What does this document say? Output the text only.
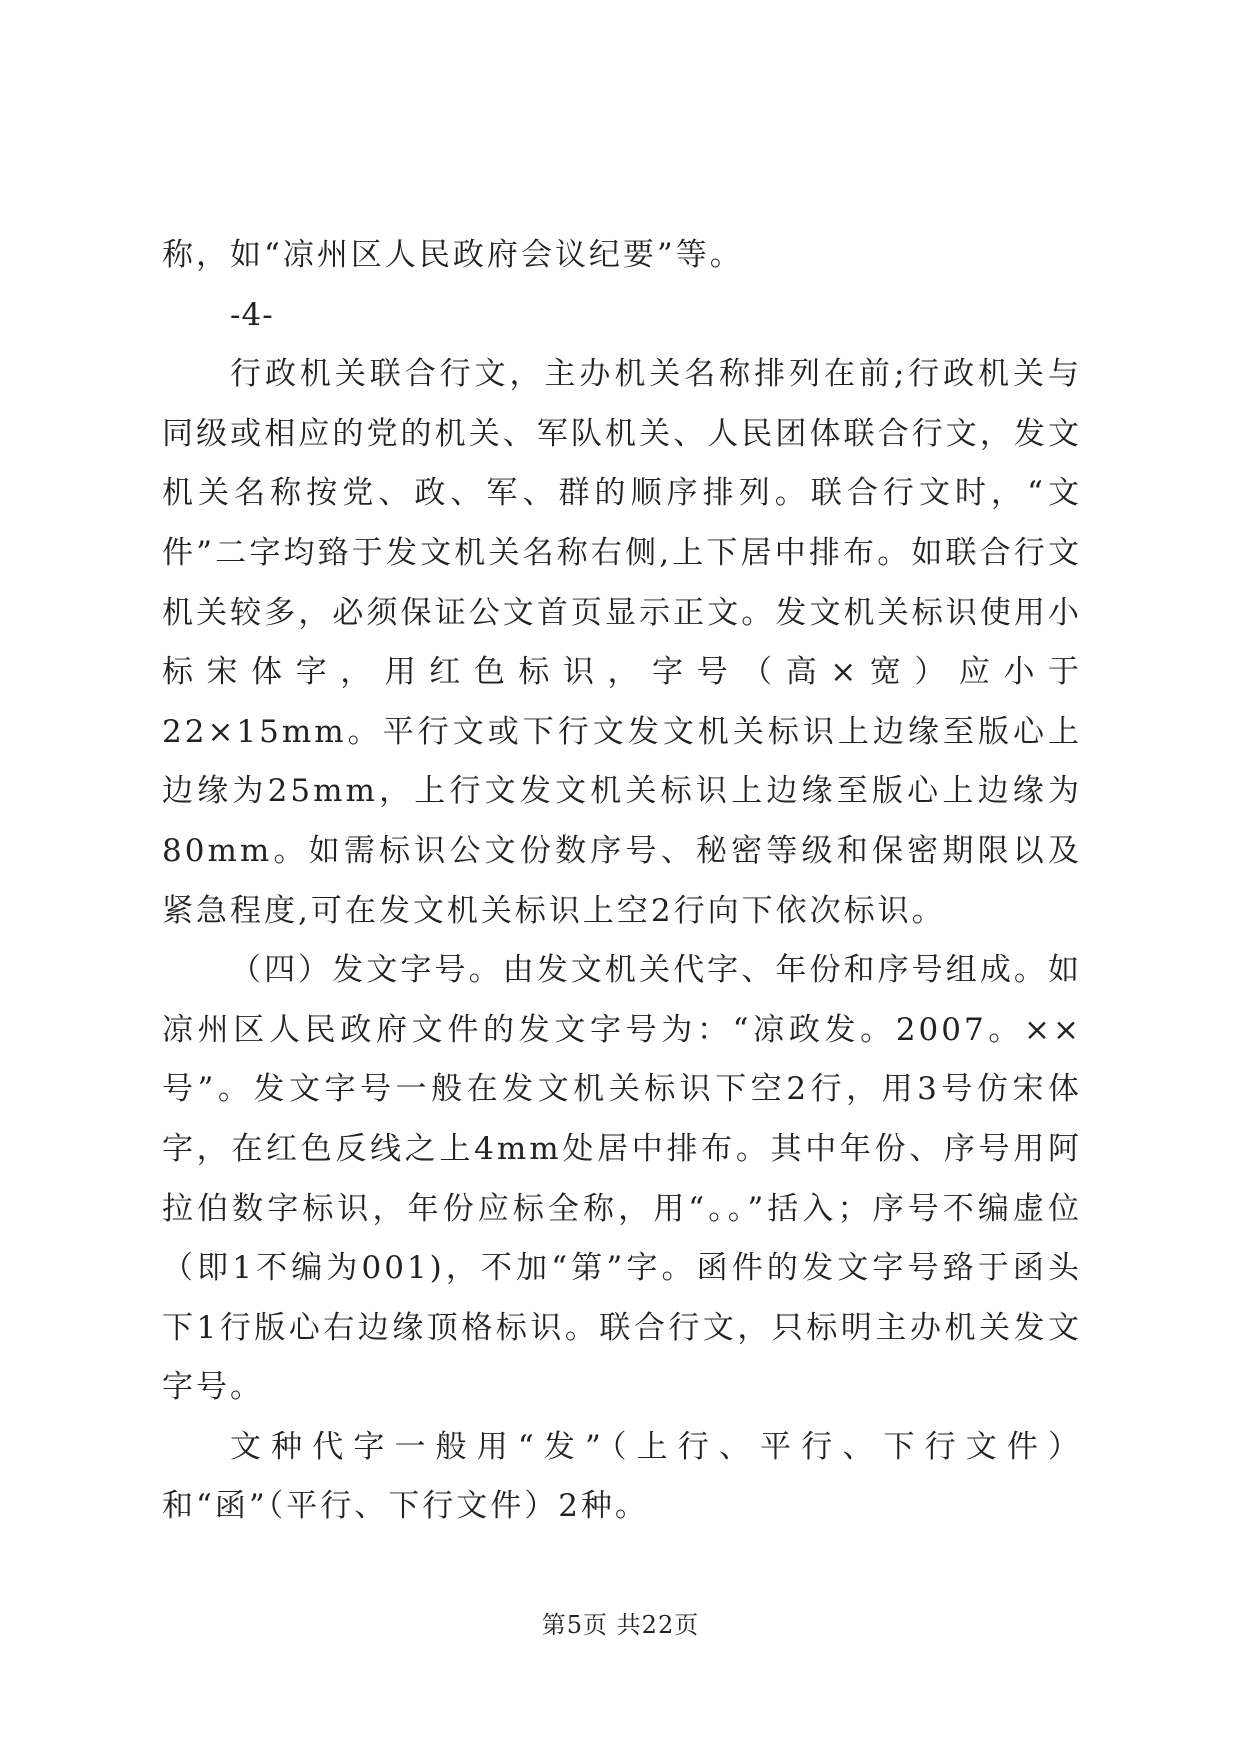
称，如“凉州区人民政府会议纪要”等。

-4-

行政机关联合行文，主办机关名称排列在前;行政机关与同级或相应的党的机关、军队机关、人民团体联合行文，发文机关名称按党、政、军、群的顺序排列。联合行文时，“文件”二字均臵于发文机关名称右侧,上下居中排布。如联合行文机关较多，必须保证公文首页显示正文。发文机关标识使用小标宋体字，用红色标识，字号（高×宽）应小于22×15mm。平行文或下行文发文机关标识上边缘至版心上边缘为25mm，上行文发文机关标识上边缘至版心上边缘为80mm。如需标识公文份数序号、秘密等级和保密期限以及紧急程度,可在发文机关标识上空2行向下依次标识。

（四）发文字号。由发文机关代字、年份和序号组成。如凉州区人民政府文件的发文字号为：“凉政发。2007。××号”。发文字号一般在发文机关标识下空2行，用3号仿宋体字，在红色反线之上4mm处居中排布。其中年份、序号用阿拉伯数字标识，年份应标全称，用“。。”括入；序号不编虚位（即1不编为001)，不加“第”字。函件的发文字号臵于函头下1行版心右边缘顶格标识。联合行文，只标明主办机关发文字号。

文种代字一般用“发”（上行、平行、下行文件）和“函”（平行、下行文件）2种。

第5页 共22页
